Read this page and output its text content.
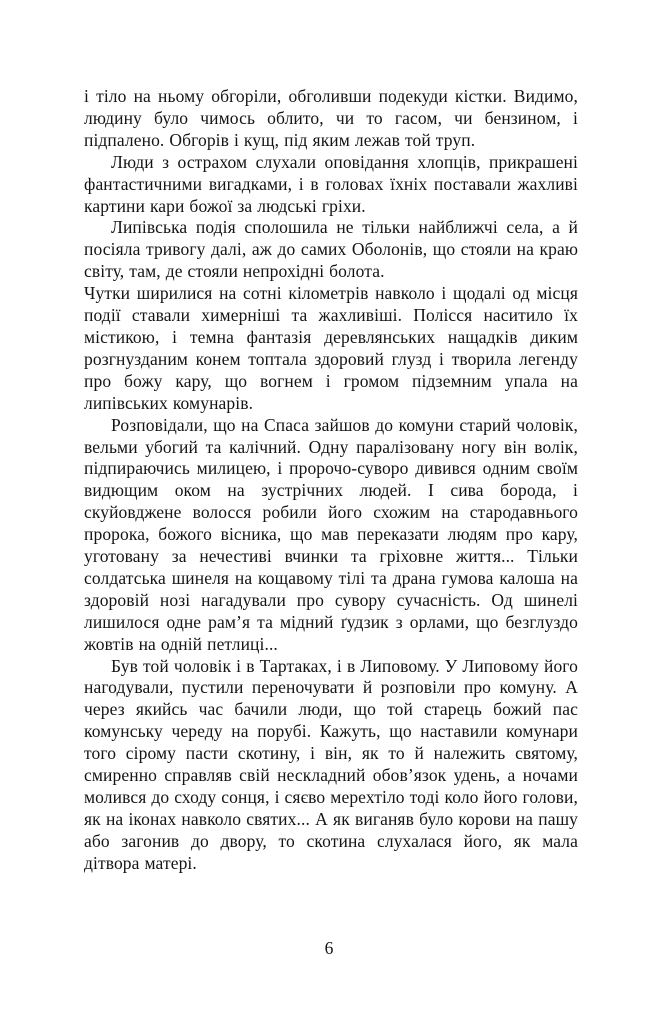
і тіло на ньому обгоріли, обголивши подекуди кістки. Видимо, людину було чимось облито, чи то гасом, чи бензином, і підпалено. Обгорів і кущ, під яким лежав той труп.

Люди з острахом слухали оповідання хлопців, прикрашені фантастичними вигадками, і в головах їхніх поставали жахливі картини кари божої за людські гріхи.

Липівська подія сполошила не тільки найближчі села, а й посіяла тривогу далі, аж до самих Оболонів, що стояли на краю світу, там, де стояли непрохідні болота.

Чутки ширилися на сотні кілометрів навколо і щодалі од місця події ставали химерніші та жахливіші. Полісся наситило їх містикою, і темна фантазія деревлянських нащадків диким розгнузданим конем топтала здоровий глузд і творила легенду про божу кару, що вогнем і громом підземним упала на липівських комунарів.

Розповідали, що на Спаса зайшов до комуни старий чоловік, вельми убогий та калічний. Одну паралізовану ногу він волік, підпираючись милицею, і пророчо-суворо дивився одним своїм видющим оком на зустрічних людей. І сива борода, і скуйовджене волосся робили його схожим на стародавнього пророка, божого вісника, що мав переказати людям про кару, уготовану за нечестиві вчинки та гріховне життя... Тільки солдатська шинеля на кощавому тілі та драна гумова калоша на здоровій нозі нагадували про сувору сучасність. Од шинелі лишилося одне рам’я та мідний ґудзик з орлами, що безглуздо жовтів на одній петлиці...

Був той чоловік і в Тартаках, і в Липовому. У Липовому його нагодували, пустили переночувати й розповіли про комуну. А через якийсь час бачили люди, що той старець божий пас комунську череду на порубі. Кажуть, що наставили комунари того сірому пасти скотину, і він, як то й належить святому, смиренно справляв свій нескладний обов’язок удень, а ночами молився до сходу сонця, і сяєво мерехтіло тоді коло його голови, як на іконах навколо святих... А як виганяв було корови на пашу або загонив до двору, то скотина слухалася його, як мала дітвора матері.

6
